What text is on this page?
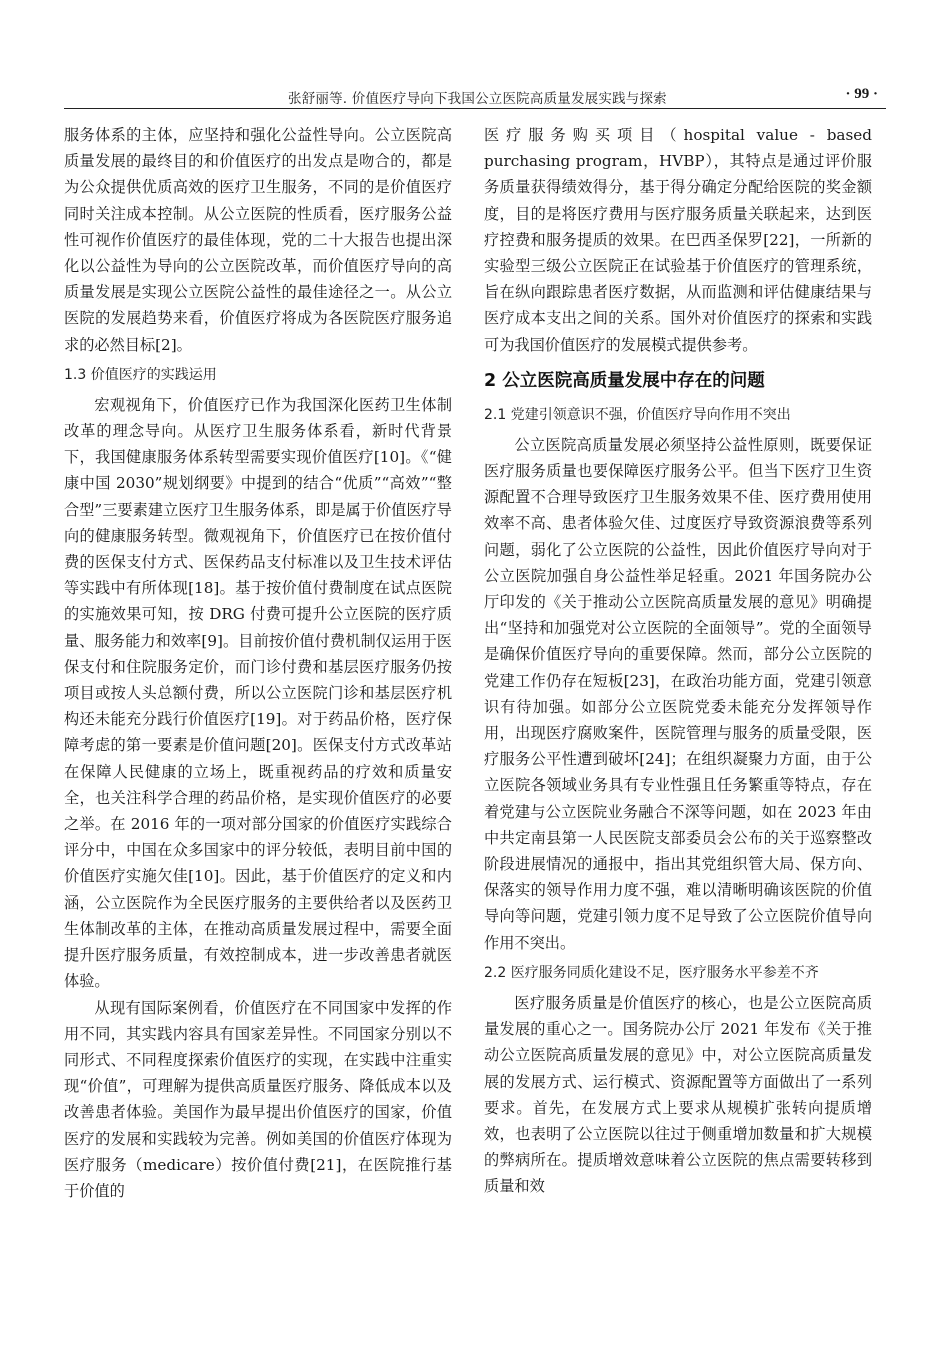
张舒丽等. 价值医疗导向下我国公立医院高质量发展实践与探索	· 99 ·

服务体系的主体，应坚持和强化公益性导向。公立医院高质量发展的最终目的和价值医疗的出发点是吻合的，都是为公众提供优质高效的医疗卫生服务，不同的是价值医疗同时关注成本控制。从公立医院的性质看，医疗服务公益性可视作价值医疗的最佳体现，党的二十大报告也提出深化以公益性为导向的公立医院改革，而价值医疗导向的高质量发展是实现公立医院公益性的最佳途径之一。从公立医院的发展趋势来看，价值医疗将成为各医院医疗服务追求的必然目标[2]。

1.3 价值医疗的实践运用

宏观视角下，价值医疗已作为我国深化医药卫生体制改革的理念导向。从医疗卫生服务体系看，新时代背景下，我国健康服务体系转型需要实现价值医疗[10]。《“健康中国 2030”规划纲要》中提到的结合“优质”“高效”“整合型”三要素建立医疗卫生服务体系，即是属于价值医疗导向的健康服务转型。微观视角下，价值医疗已在按价值付费的医保支付方式、医保药品支付标准以及卫生技术评估等实践中有所体现[18]。基于按价值付费制度在试点医院的实施效果可知，按 DRG 付费可提升公立医院的医疗质量、服务能力和效率[9]。目前按价值付费机制仅运用于医保支付和住院服务定价，而门诊付费和基层医疗服务仍按项目或按人头总额付费，所以公立医院门诊和基层医疗机构还未能充分践行价值医疗[19]。对于药品价格，医疗保障考虑的第一要素是价值问题[20]。医保支付方式改革站在保障人民健康的立场上，既重视药品的疗效和质量安全，也关注科学合理的药品价格，是实现价值医疗的必要之举。在 2016 年的一项对部分国家的价值医疗实践综合评分中，中国在众多国家中的评分较低，表明目前中国的价值医疗实施欠佳[10]。因此，基于价值医疗的定义和内涵，公立医院作为全民医疗服务的主要供给者以及医药卫生体制改革的主体，在推动高质量发展过程中，需要全面提升医疗服务质量，有效控制成本，进一步改善患者就医体验。

从现有国际案例看，价值医疗在不同国家中发挥的作用不同，其实践内容具有国家差异性。不同国家分别以不同形式、不同程度探索价值医疗的实现，在实践中注重实现“价值”，可理解为提供高质量医疗服务、降低成本以及改善患者体验。美国作为最早提出价值医疗的国家，价值医疗的发展和实践较为完善。例如美国的价值医疗体现为医疗服务（medicare）按价值付费[21]，在医院推行基于价值的

医疗服务购买项目（hospital value - based purchasing program，HVBP），其特点是通过评价服务质量获得绩效得分，基于得分确定分配给医院的奖金额度，目的是将医疗费用与医疗服务质量关联起来，达到医疗控费和服务提质的效果。在巴西圣保罗[22]，一所新的实验型三级公立医院正在试验基于价值医疗的管理系统，旨在纵向跟踪患者医疗数据，从而监测和评估健康结果与医疗成本支出之间的关系。国外对价值医疗的探索和实践可为我国价值医疗的发展模式提供参考。

2 公立医院高质量发展中存在的问题
2.1 党建引领意识不强，价值医疗导向作用不突出

公立医院高质量发展必须坚持公益性原则，既要保证医疗服务质量也要保障医疗服务公平。但当下医疗卫生资源配置不合理导致医疗卫生服务效果不佳、医疗费用使用效率不高、患者体验欠佳、过度医疗导致资源浪费等系列问题，弱化了公立医院的公益性，因此价值医疗导向对于公立医院加强自身公益性举足轻重。2021 年国务院办公厅印发的《关于推动公立医院高质量发展的意见》明确提出“坚持和加强党对公立医院的全面领导”。党的全面领导是确保价值医疗导向的重要保障。然而，部分公立医院的党建工作仍存在短板[23]，在政治功能方面，党建引领意识有待加强。如部分公立医院党委未能充分发挥领导作用，出现医疗腐败案件，医院管理与服务的质量受限，医疗服务公平性遭到破坏[24]；在组织凝聚力方面，由于公立医院各领域业务具有专业性强且任务繁重等特点，存在着党建与公立医院业务融合不深等问题，如在 2023 年由中共定南县第一人民医院支部委员会公布的关于巡察整改阶段进展情况的通报中，指出其党组织管大局、保方向、保落实的领导作用力度不强，难以清晰明确该医院的价值导向等问题，党建引领力度不足导致了公立医院价值导向作用不突出。

2.2 医疗服务同质化建设不足，医疗服务水平参差不齐

医疗服务质量是价值医疗的核心，也是公立医院高质量发展的重心之一。国务院办公厅 2021 年发布《关于推动公立医院高质量发展的意见》中，对公立医院高质量发展的发展方式、运行模式、资源配置等方面做出了一系列要求。首先，在发展方式上要求从规模扩张转向提质增效，也表明了公立医院以往过于侧重增加数量和扩大规模的弊病所在。提质增效意味着公立医院的焦点需要转移到质量和效
